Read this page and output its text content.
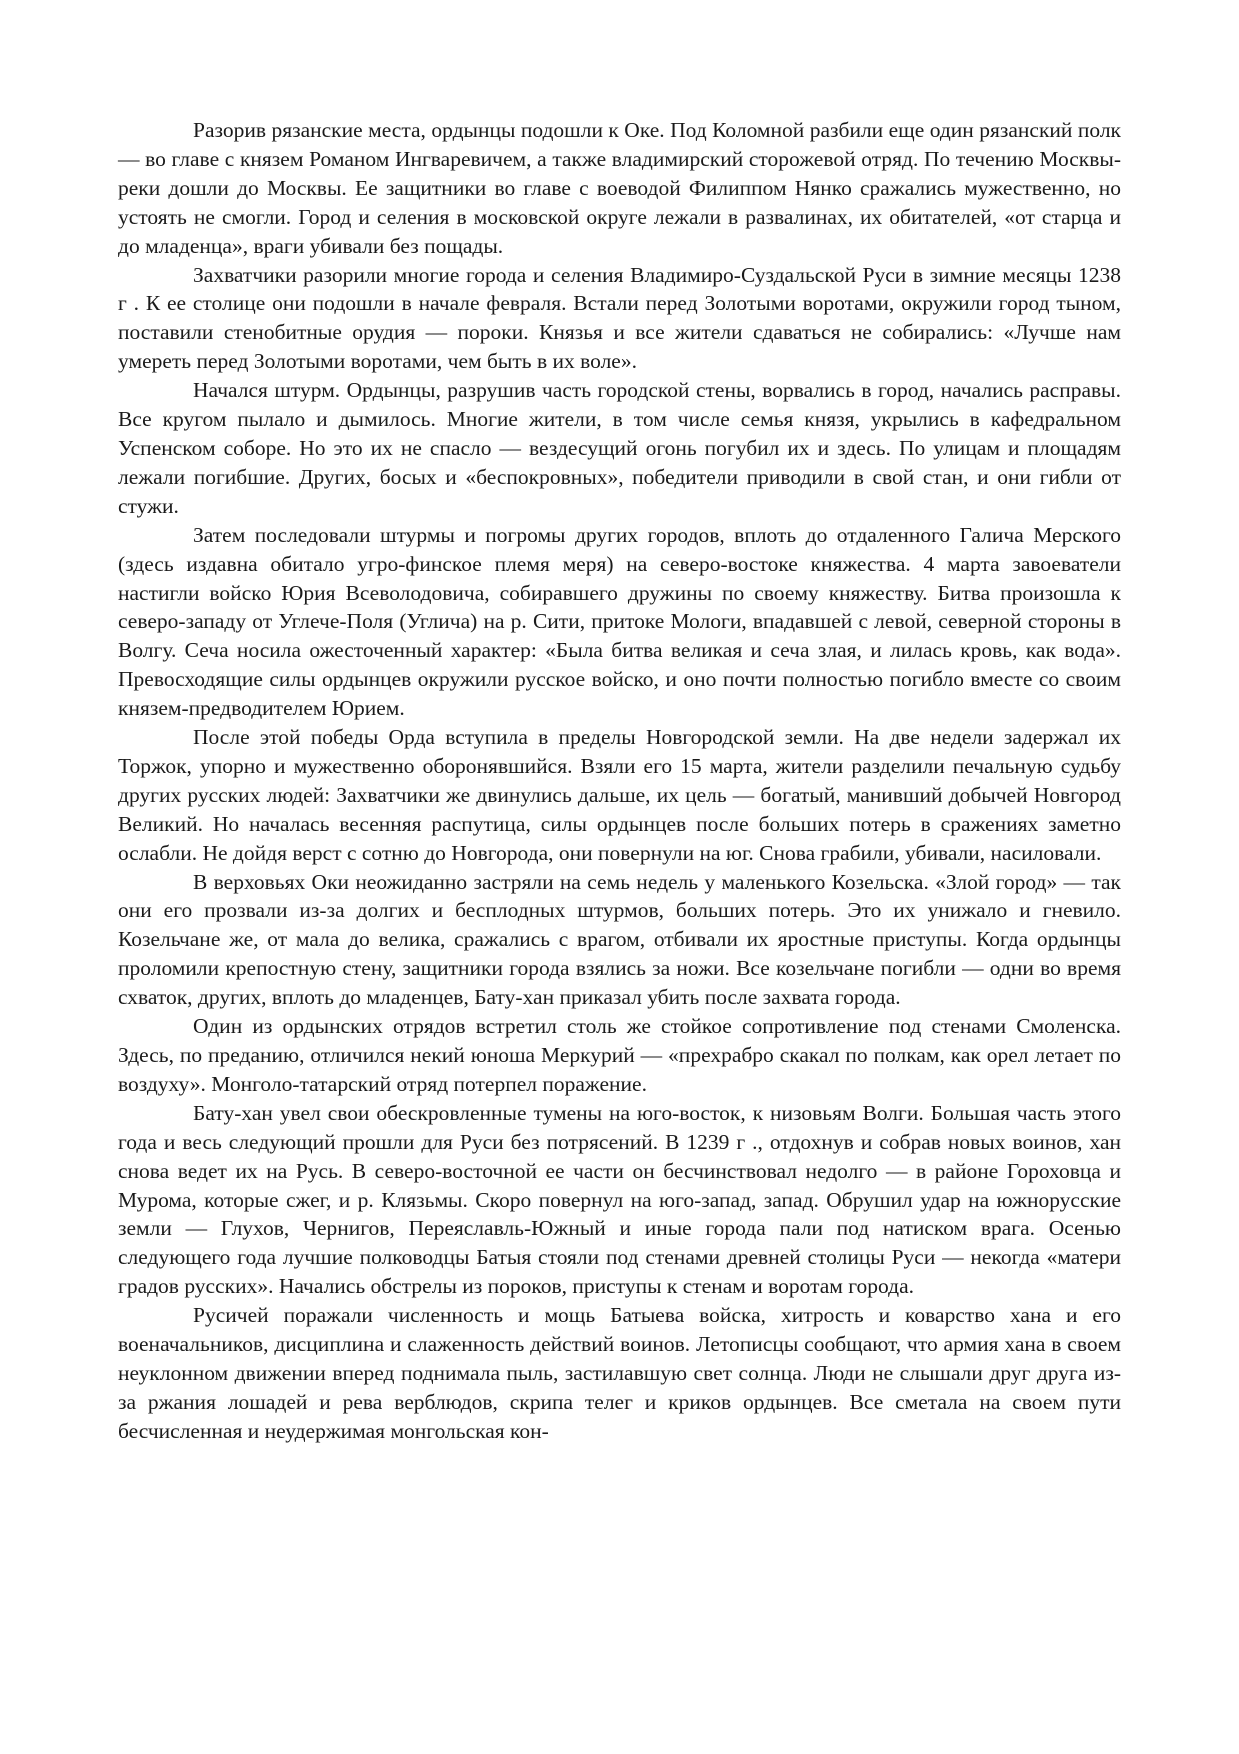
Разорив рязанские места, ордынцы подошли к Оке. Под Коломной разбили еще один рязанский полк — во главе с князем Романом Ингваревичем, а также владимирский сторожевой отряд. По течению Москвы-реки дошли до Москвы. Ее защитники во главе с воеводой Филиппом Нянко сражались мужественно, но устоять не смогли. Город и селения в московской округе лежали в развалинах, их обитателей, «от старца и до младенца», враги убивали без пощады.

Захватчики разорили многие города и селения Владимиро-Суздальской Руси в зимние месяцы 1238 г . К ее столице они подошли в начале февраля. Встали перед Золотыми воротами, окружили город тыном, поставили стенобитные орудия — пороки. Князья и все жители сдаваться не собирались: «Лучше нам умереть перед Золотыми воротами, чем быть в их воле».

Начался штурм. Ордынцы, разрушив часть городской стены, ворвались в город, начались расправы. Все кругом пылало и дымилось. Многие жители, в том числе семья князя, укрылись в кафедральном Успенском соборе. Но это их не спасло — вездесущий огонь погубил их и здесь. По улицам и площадям лежали погибшие. Других, босых и «беспокровных», победители приводили в свой стан, и они гибли от стужи.

Затем последовали штурмы и погромы других городов, вплоть до отдаленного Галича Мерского (здесь издавна обитало угро-финское племя меря) на северо-востоке княжества. 4 марта завоеватели настигли войско Юрия Всеволодовича, собиравшего дружины по своему княжеству. Битва произошла к северо-западу от Углече-Поля (Углича) на р. Сити, притоке Мологи, впадавшей с левой, северной стороны в Волгу. Сеча носила ожесточенный характер: «Была битва великая и сеча злая, и лилась кровь, как вода». Превосходящие силы ордынцев окружили русское войско, и оно почти полностью погибло вместе со своим князем-предводителем Юрием.

После этой победы Орда вступила в пределы Новгородской земли. На две недели задержал их Торжок, упорно и мужественно оборонявшийся. Взяли его 15 марта, жители разделили печальную судьбу других русских людей: Захватчики же двинулись дальше, их цель — богатый, манивший добычей Новгород Великий. Но началась весенняя распутица, силы ордынцев после больших потерь в сражениях заметно ослабли. Не дойдя верст с сотню до Новгорода, они повернули на юг. Снова грабили, убивали, насиловали.

В верховьях Оки неожиданно застряли на семь недель у маленького Козельска. «Злой город» — так они его прозвали из-за долгих и бесплодных штурмов, больших потерь. Это их унижало и гневило. Козельчане же, от мала до велика, сражались с врагом, отбивали их яростные приступы. Когда ордынцы проломили крепостную стену, защитники города взялись за ножи. Все козельчане погибли — одни во время схваток, других, вплоть до младенцев, Бату-хан приказал убить после захвата города.

Один из ордынских отрядов встретил столь же стойкое сопротивление под стенами Смоленска. Здесь, по преданию, отличился некий юноша Меркурий — «прехрабро скакал по полкам, как орел летает по воздуху». Монголо-татарский отряд потерпел поражение.

Бату-хан увел свои обескровленные тумены на юго-восток, к низовьям Волги. Большая часть этого года и весь следующий прошли для Руси без потрясений. В 1239 г ., отдохнув и собрав новых воинов, хан снова ведет их на Русь. В северо-восточной ее части он бесчинствовал недолго — в районе Гороховца и Мурома, которые сжег, и р. Клязьмы. Скоро повернул на юго-запад, запад. Обрушил удар на южнорусские земли — Глухов, Чернигов, Переяславль-Южный и иные города пали под натиском врага. Осенью следующего года лучшие полководцы Батыя стояли под стенами древней столицы Руси — некогда «матери градов русских». Начались обстрелы из пороков, приступы к стенам и воротам города.

Русичей поражали численность и мощь Батыева войска, хитрость и коварство хана и его военачальников, дисциплина и слаженность действий воинов. Летописцы сообщают, что армия хана в своем неуклонном движении вперед поднимала пыль, застилавшую свет солнца. Люди не слышали друг друга из-за ржания лошадей и рева верблюдов, скрипа телег и криков ордынцев. Все сметала на своем пути бесчисленная и неудержимая монгольская кон-
